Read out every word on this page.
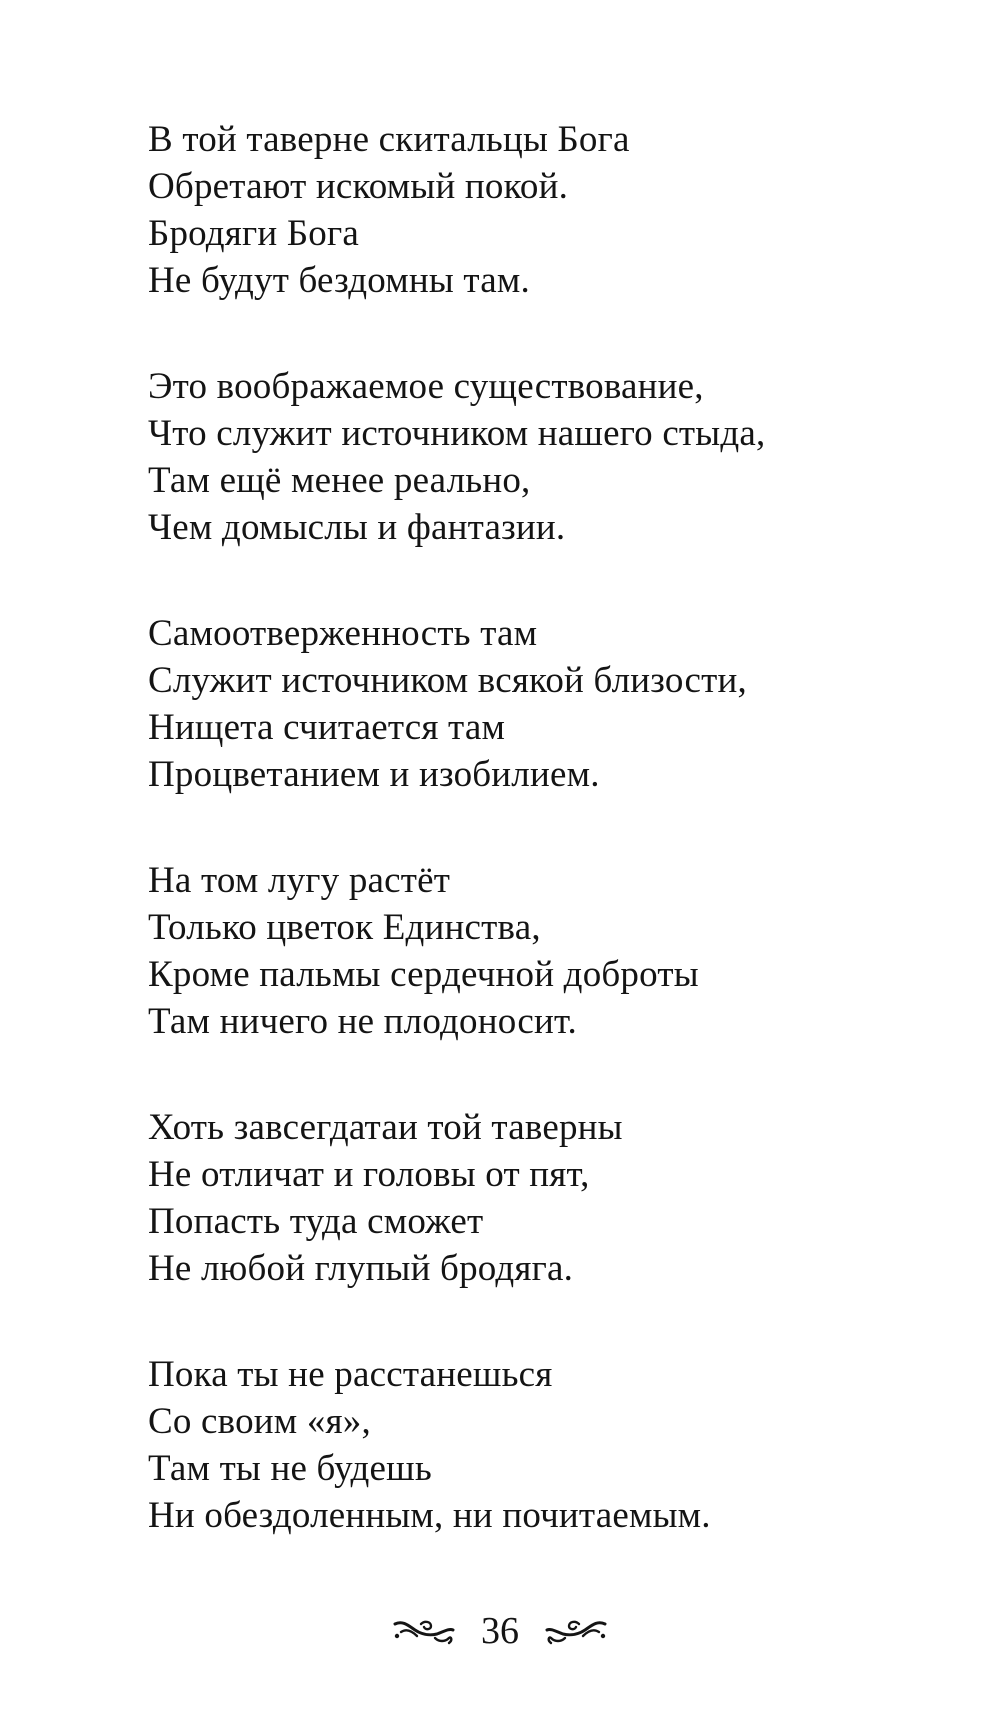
В той таверне скитальцы Бога
Обретают искомый покой.
Бродяги Бога
Не будут бездомны там.
Это воображаемое существование,
Что служит источником нашего стыда,
Там ещё менее реально,
Чем домыслы и фантазии.
Самоотверженность там
Служит источником всякой близости,
Нищета считается там
Процветанием и изобилием.
На том лугу растёт
Только цветок Единства,
Кроме пальмы сердечной доброты
Там ничего не плодоносит.
Хоть завсегдатаи той таверны
Не отличат и головы от пят,
Попасть туда сможет
Не любой глупый бродяга.
Пока ты не расстанешься
Со своим «я»,
Там ты не будешь
Ни обездоленным, ни почитаемым.
36
